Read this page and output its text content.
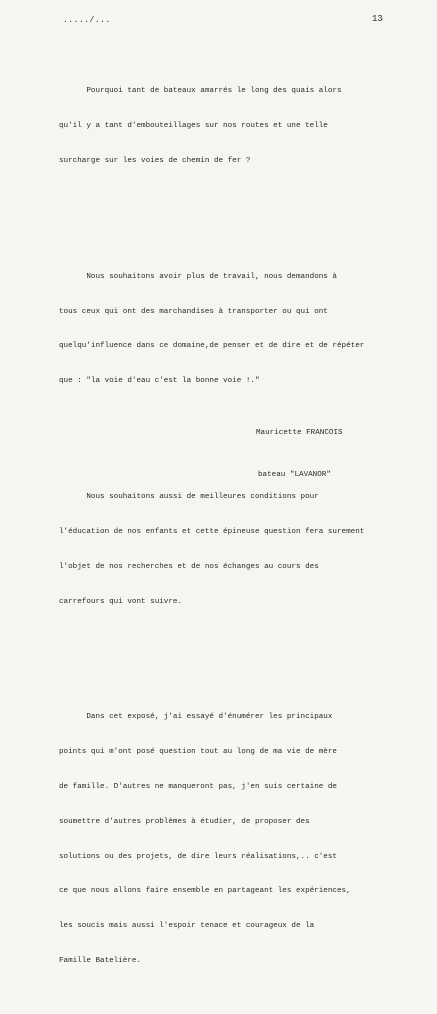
...../...	13

Pourquoi tant de bateaux amarrés le long des quais alors

qu'il y a tant d'embouteillages sur nos routes et une telle

surcharge sur les voies de chemin de fer ?

Nous souhaitons avoir plus de travail, nous demandons à

tous ceux qui ont des marchandises à transporter ou qui ont

quelqu'influence dans ce domaine,de penser et de dire et de répéter

que : "la voie d'eau c'est la bonne voie !."

Nous souhaitons aussi de meilleures conditions pour

l'éducation de nos enfants et cette épineuse question fera surement

l'objet de nos recherches et de nos échanges au cours des

carrefours qui vont suivre.

Dans cet exposé, j'ai essayé d'énumérer les principaux

points qui m'ont posé question tout au long de ma vie de mère

de famille. D'autres ne manqueront pas, j'en suis certaine de

soumettre d'autres problèmes à étudier, de proposer des

solutions ou des projets, de dire leurs réalisations,.. c'est

ce que nous allons faire ensemble en partageant les expériences,

les soucis mais aussi l'espoir tenace et courageux de la

Famille Batelière.

Mauricette FRANCOIS

bateau "LAVANOR"
